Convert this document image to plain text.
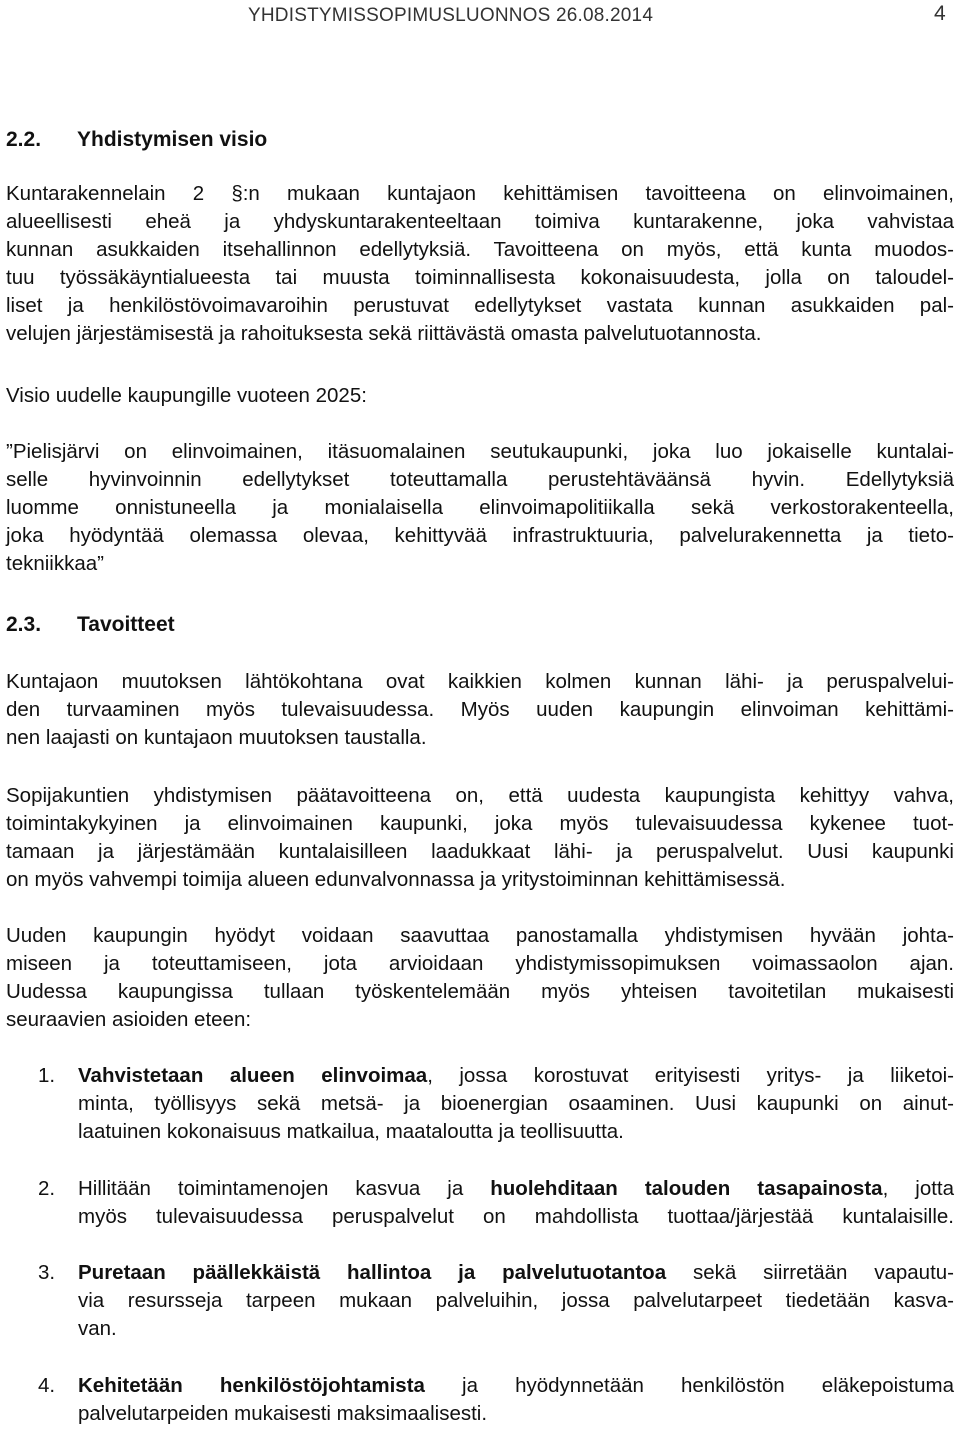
YHDISTYMISSOPIMUSLUONNOS 26.08.2014	4
2.2. Yhdistymisen visio
Kuntarakennelain 2 §:n mukaan kuntajaon kehittämisen tavoitteena on elinvoimainen,
alueellisesti eheä ja yhdyskuntarakenteeltaan toimiva kuntarakenne, joka vahvistaa
kunnan asukkaiden itsehallinnon edellytyksiä. Tavoitteena on myös, että kunta muodos-
tuu työssäkäyntialueesta tai muusta toiminnallisesta kokonaisuudesta, jolla on taloudel-
liset ja henkilöstövoimavaroihin perustuvat edellytykset vastata kunnan asukkaiden pal-
velujen järjestämisestä ja rahoituksesta sekä riittävästä omasta palvelutuotannosta.
Visio uudelle kaupungille vuoteen 2025:
”Pielisjärvi on elinvoimainen, itäsuomalainen seutukaupunki, joka luo jokaiselle kuntalai-
selle hyvinvoinnin edellytykset toteuttamalla perustehtäväänsä hyvin. Edellytyksiä
luomme onnistuneella ja monialaisella elinvoimapolitiikalla sekä verkostorakenteella,
joka hyödyntää olemassa olevaa, kehittyvää infrastruktuuria, palvelurakennetta ja tieto-
tekniikkaa”
2.3. Tavoitteet
Kuntajaon muutoksen lähtökohtana ovat kaikkien kolmen kunnan lähi- ja peruspalvelui-
den turvaaminen myös tulevaisuudessa. Myös uuden kaupungin elinvoiman kehittämi-
nen laajasti on kuntajaon muutoksen taustalla.
Sopijakuntien yhdistymisen päätavoitteena on, että uudesta kaupungista kehittyy vahva,
toimintakykyinen ja elinvoimainen kaupunki, joka myös tulevaisuudessa kykenee tuot-
tamaan ja järjestämään kuntalaisilleen laadukkaat lähi- ja peruspalvelut. Uusi kaupunki
on myös vahvempi toimija alueen edunvalvonnassa ja yritystoiminnan kehittämisessä.
Uuden kaupungin hyödyt voidaan saavuttaa panostamalla yhdistymisen hyvään johta-
miseen ja toteuttamiseen, jota arvioidaan yhdistymissopimuksen voimassaolon ajan.
Uudessa kaupungissa tullaan työskentelemään myös yhteisen tavoitetilan mukaisesti
seuraavien asioiden eteen:
1. Vahvistetaan alueen elinvoimaa, jossa korostuvat erityisesti yritys- ja liiketoi-
minta, työllisyys sekä metsä- ja bioenergian osaaminen. Uusi kaupunki on ainut-
laatuinen kokonaisuus matkailua, maataloutta ja teollisuutta.
2. Hillitään toimintamenojen kasvua ja huolehditaan talouden tasapainosta, jotta
myös tulevaisuudessa peruspalvelut on mahdollista tuottaa/järjestää kuntalaisille.
3. Puretaan päällekkäistä hallintoa ja palvelutuotantoa sekä siirretään vapautu-
via resursseja tarpeen mukaan palveluihin, jossa palvelutarpeet tiedetään kasva-
van.
4. Kehitetään henkilöstöjohtamista ja hyödynnetään henkilöstön eläkepoistuma
palvelutarpeiden mukaisesti maksimaalisesti.
